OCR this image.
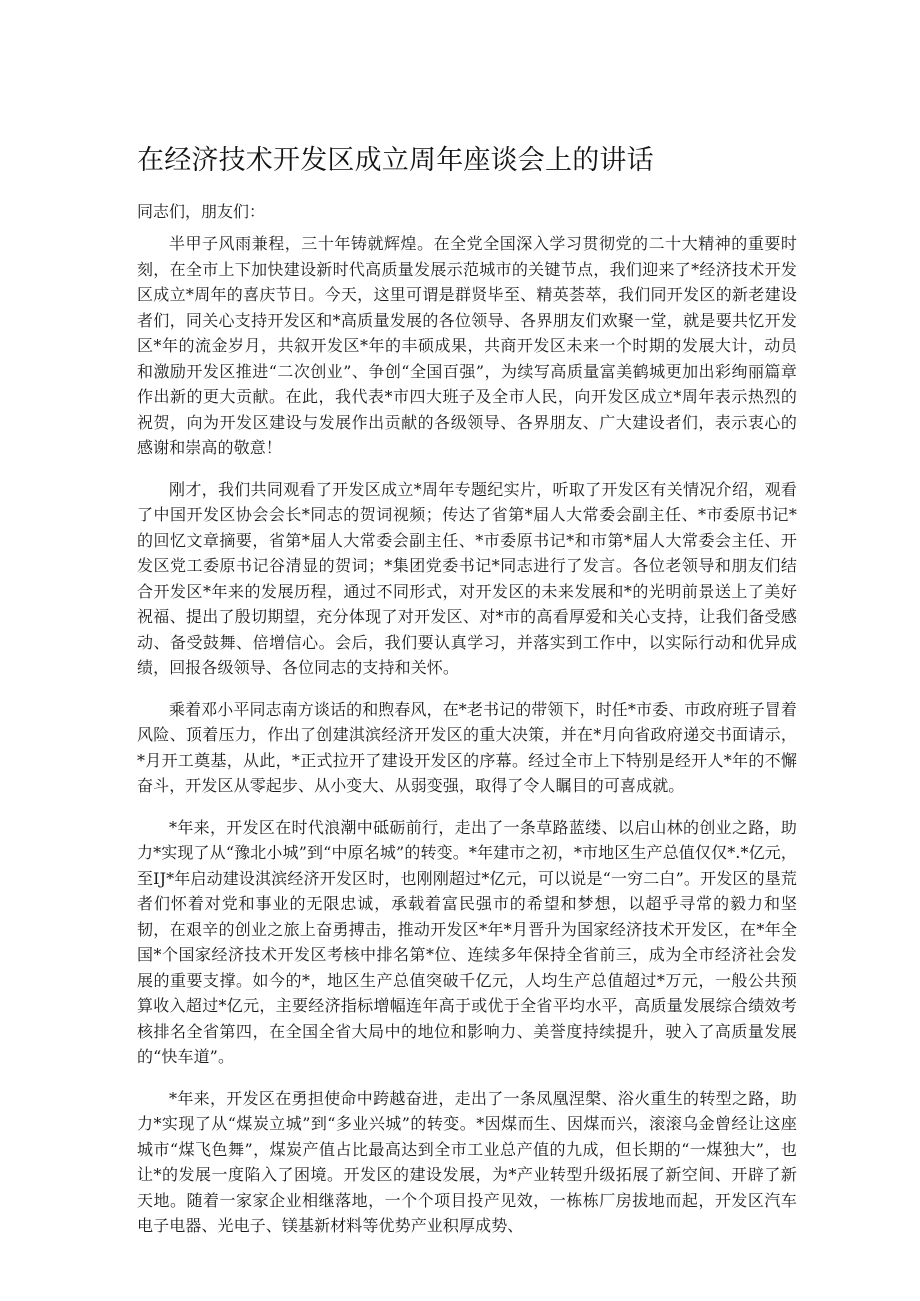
在经济技术开发区成立周年座谈会上的讲话

同志们，朋友们：

半甲子风雨兼程，三十年铸就辉煌。在全党全国深入学习贯彻党的二十大精神的重要时刻，在全市上下加快建设新时代高质量发展示范城市的关键节点，我们迎来了*经济技术开发区成立*周年的喜庆节日。今天，这里可谓是群贤毕至、精英荟萃，我们同开发区的新老建设者们，同关心支持开发区和*高质量发展的各位领导、各界朋友们欢聚一堂，就是要共忆开发区*年的流金岁月，共叙开发区*年的丰硕成果，共商开发区未来一个时期的发展大计，动员和激励开发区推进“二次创业”、争创“全国百强”，为续写高质量富美鹤城更加出彩绚丽篇章作出新的更大贡献。在此，我代表*市四大班子及全市人民，向开发区成立*周年表示热烈的祝贺，向为开发区建设与发展作出贡献的各级领导、各界朋友、广大建设者们，表示衷心的感谢和崇高的敬意！

刚才，我们共同观看了开发区成立*周年专题纪实片，听取了开发区有关情况介绍，观看了中国开发区协会会长*同志的贺词视频；传达了省第*届人大常委会副主任、*市委原书记*的回忆文章摘要，省第*届人大常委会副主任、*市委原书记*和市第*届人大常委会主任、开发区党工委原书记谷清显的贺词；*集团党委书记*同志进行了发言。各位老领导和朋友们结合开发区*年来的发展历程，通过不同形式，对开发区的未来发展和*的光明前景送上了美好祝福、提出了殷切期望，充分体现了对开发区、对*市的高看厚爱和关心支持，让我们备受感动、备受鼓舞、倍增信心。会后，我们要认真学习，并落实到工作中，以实际行动和优异成绩，回报各级领导、各位同志的支持和关怀。

乘着邓小平同志南方谈话的和煦春风，在*老书记的带领下，时任*市委、市政府班子冒着风险、顶着压力，作出了创建淇滨经济开发区的重大决策，并在*月向省政府递交书面请示，*月开工奠基，从此，*正式拉开了建设开发区的序幕。经过全市上下特别是经开人*年的不懈奋斗，开发区从零起步、从小变大、从弱变强，取得了令人瞩目的可喜成就。

*年来，开发区在时代浪潮中砥砺前行，走出了一条草路蓝缕、以启山林的创业之路，助力*实现了从“豫北小城”到“中原名城”的转变。*年建市之初，*市地区生产总值仅仅*.*亿元，至IJ*年启动建设淇滨经济开发区时，也刚刚超过*亿元，可以说是“一穷二白”。开发区的垦荒者们怀着对党和事业的无限忠诚，承载着富民强市的希望和梦想，以超乎寻常的毅力和坚韧，在艰辛的创业之旅上奋勇搏击，推动开发区*年*月晋升为国家经济技术开发区，在*年全国*个国家经济技术开发区考核中排名第*位、连续多年保持全省前三，成为全市经济社会发展的重要支撑。如今的*，地区生产总值突破千亿元，人均生产总值超过*万元，一般公共预算收入超过*亿元，主要经济指标增幅连年高于或优于全省平均水平，高质量发展综合绩效考核排名全省第四，在全国全省大局中的地位和影响力、美誉度持续提升，驶入了高质量发展的“快车道”。

*年来，开发区在勇担使命中跨越奋进，走出了一条凤凰涅槃、浴火重生的转型之路，助力*实现了从“煤炭立城”到“多业兴城”的转变。*因煤而生、因煤而兴，滚滚乌金曾经让这座城市“煤飞色舞”，煤炭产值占比最高达到全市工业总产值的九成，但长期的“一煤独大”，也让*的发展一度陷入了困境。开发区的建设发展，为*产业转型升级拓展了新空间、开辟了新天地。随着一家家企业相继落地，一个个项目投产见效，一栋栋厂房拔地而起，开发区汽车电子电器、光电子、镁基新材料等优势产业积厚成势、
